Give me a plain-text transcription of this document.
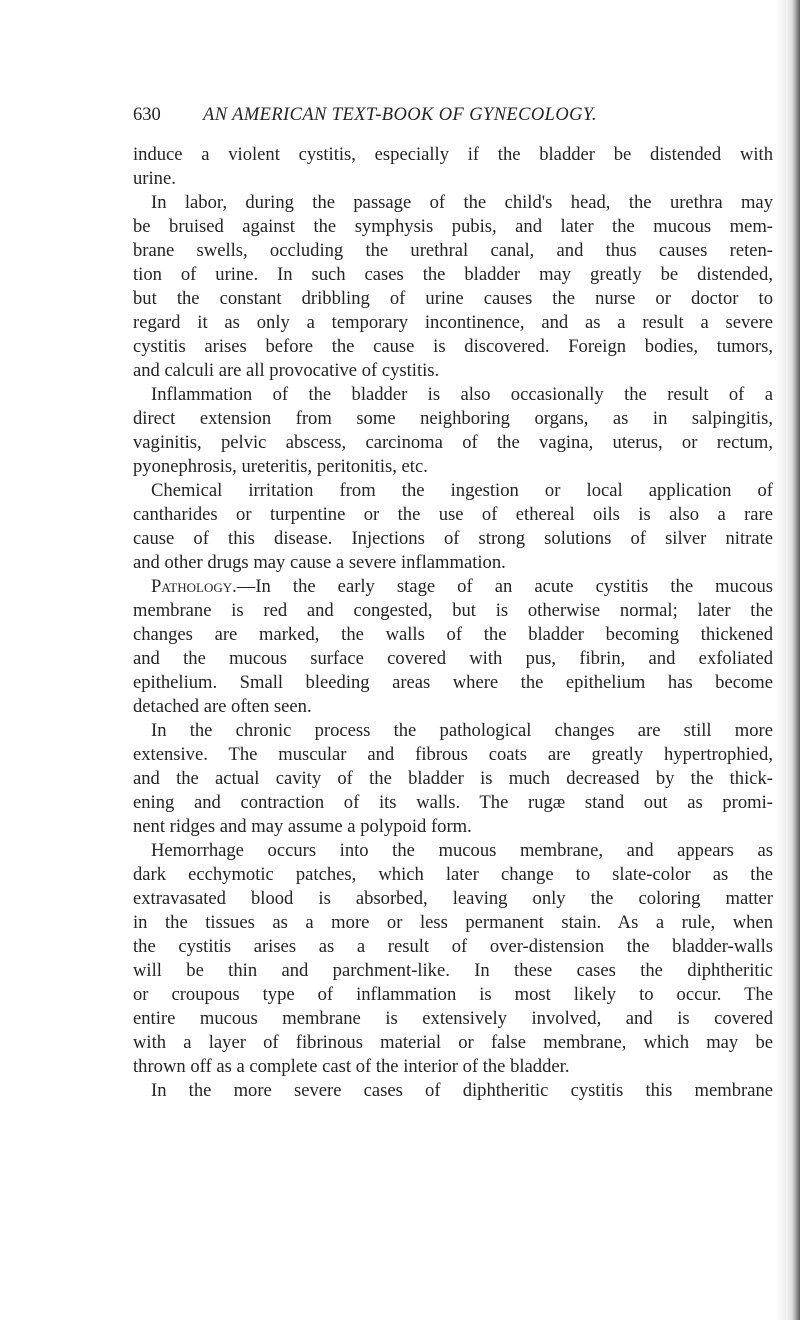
630 AN AMERICAN TEXT-BOOK OF GYNECOLOGY.
induce a violent cystitis, especially if the bladder be distended with
urine.
In labor, during the passage of the child's head, the urethra may
be bruised against the symphysis pubis, and later the mucous mem-
brane swells, occluding the urethral canal, and thus causes reten-
tion of urine. In such cases the bladder may greatly be distended,
but the constant dribbling of urine causes the nurse or doctor to
regard it as only a temporary incontinence, and as a result a severe
cystitis arises before the cause is discovered. Foreign bodies, tumors,
and calculi are all provocative of cystitis.
Inflammation of the bladder is also occasionally the result of a
direct extension from some neighboring organs, as in salpingitis,
vaginitis, pelvic abscess, carcinoma of the vagina, uterus, or rectum,
pyonephrosis, ureteritis, peritonitis, etc.
Chemical irritation from the ingestion or local application of
cantharides or turpentine or the use of ethereal oils is also a rare
cause of this disease. Injections of strong solutions of silver nitrate
and other drugs may cause a severe inflammation.
Pathology.—In the early stage of an acute cystitis the mucous
membrane is red and congested, but is otherwise normal; later the
changes are marked, the walls of the bladder becoming thickened
and the mucous surface covered with pus, fibrin, and exfoliated
epithelium. Small bleeding areas where the epithelium has become
detached are often seen.
In the chronic process the pathological changes are still more
extensive. The muscular and fibrous coats are greatly hypertrophied,
and the actual cavity of the bladder is much decreased by the thick-
ening and contraction of its walls. The rugæ stand out as promi-
nent ridges and may assume a polypoid form.
Hemorrhage occurs into the mucous membrane, and appears as
dark ecchymotic patches, which later change to slate-color as the
extravasated blood is absorbed, leaving only the coloring matter
in the tissues as a more or less permanent stain. As a rule, when
the cystitis arises as a result of over-distension the bladder-walls
will be thin and parchment-like. In these cases the diphtheritic
or croupous type of inflammation is most likely to occur. The
entire mucous membrane is extensively involved, and is covered
with a layer of fibrinous material or false membrane, which may be
thrown off as a complete cast of the interior of the bladder.
In the more severe cases of diphtheritic cystitis this membrane
